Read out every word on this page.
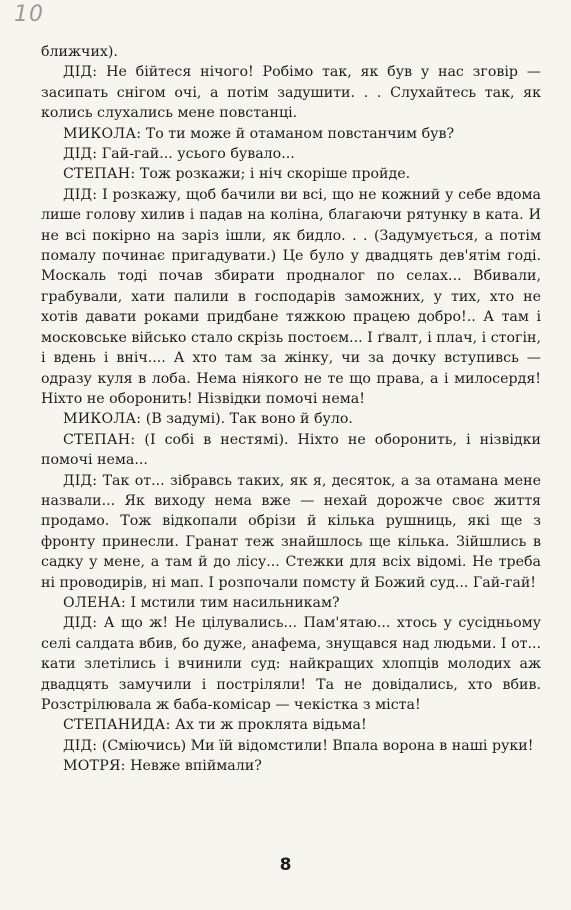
10

ближчих).

ДІД: Не бійтеся нічого! Робімо так, як був у нас зговір — засипать снігом очі, а потім задушити. . . Слухайтесь так, як колись слухались мене повстанці.

МИКОЛА: То ти може й отаманом повстанчим був?

ДІД: Гай-гай... усього бувало...

СТЕПАН: Тож розкажи; і ніч скоріше пройде.

ДІД: І розкажу, щоб бачили ви всі, що не кожний у себе вдома лише голову хилив і падав на коліна, благаючи рятунку в ката. И не всі покірно на заріз ішли, як бидло. . . (Задумується, а потім помалу починає пригадувати.) Це було у двадцять дев'ятім годі. Москаль тоді почав збирати продналог по селах... Вбивали, грабували, хати палили в господарів заможних, у тих, хто не хотів давати роками придбане тяжкою працею добро!.. А там і московське військо стало скрізь постоєм... І ґвалт, і плач, і стогін, і вдень і вніч.... А хто там за жінку, чи за дочку вступивсь — одразу куля в лоба. Нема ніякого не те що права, а і милосердя! Ніхто не оборонить! Нізвідки помочі нема!

МИКОЛА: (В задумі). Так воно й було.

СТЕПАН: (І собі в нестямі). Ніхто не оборонить, і нізвідки помочі нема...

ДІД: Так от... зібравсь таких, як я, десяток, а за отамана мене назвали... Як виходу нема вже — нехай дорожче своє життя продамо. Тож відкопали обрізи й кілька рушниць, які ще з фронту принесли. Гранат теж знайшлось ще кілька. Зійшлись в садку у мене, а там й до лісу... Стежки для всіх відомі. Не треба ні проводирів, ні мап. І розпочали помсту й Божий суд... Гай-гай!

ОЛЕНА: І мстили тим насильникам?

ДІД: А що ж! Не цілувались... Пам'ятаю... хтось у сусідньому селі салдата вбив, бо дуже, анафема, знущався над людьми. І от... кати злетілись і вчинили суд: найкращих хлопців молодих аж двадцять замучили і постріляли! Та не довідались, хто вбив. Розстрілювала ж баба-комісар — чекістка з міста!

СТЕПАНИДА: Ах ти ж проклята відьма!

ДІД: (Сміючись) Ми їй відомстили! Впала ворона в наші руки!

МОТРЯ: Невже впіймали?

8
